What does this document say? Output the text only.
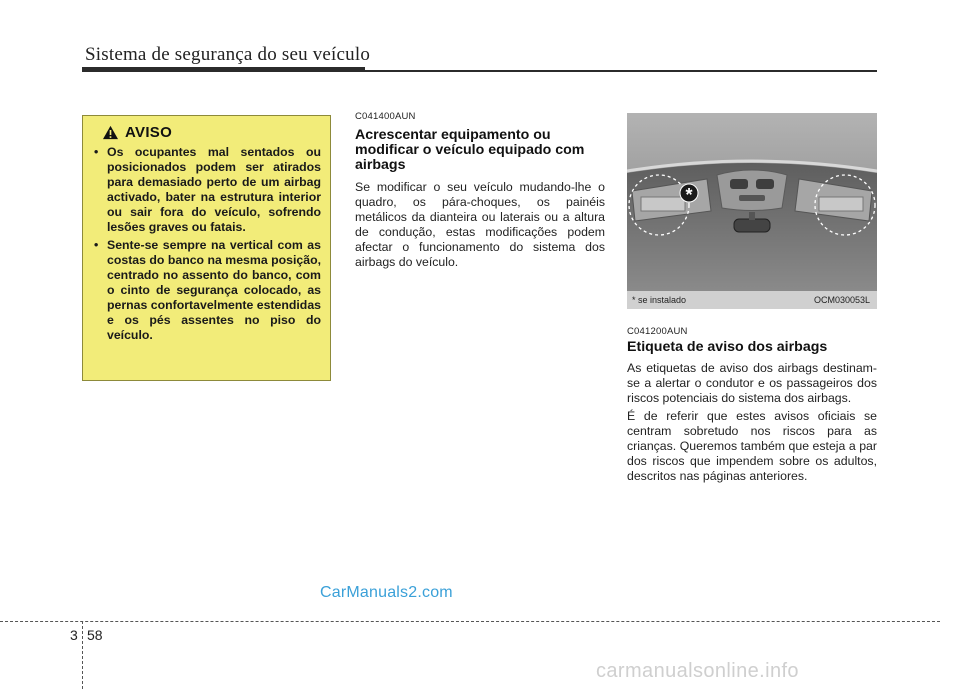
Sistema de segurança do seu veículo
AVISO
• Os ocupantes mal sentados ou posicionados podem ser atirados para demasiado perto de um airbag activado, bater na estrutura interior ou sair fora do veículo, sofrendo lesões graves ou fatais.
• Sente-se sempre na vertical com as costas do banco na mesma posição, centrado no assento do banco, com o cinto de segurança colocado, as pernas confortavelmente estendidas e os pés assentes no piso do veículo.
C041400AUN
Acrescentar equipamento ou modificar o veículo equipado com airbags

Se modificar o seu veículo mudando-lhe o quadro, os pára-choques, os painéis metálicos da dianteira ou laterais ou a altura de condução, estas modificações podem afectar o funcionamento do sistema dos airbags do veículo.

*
* se instalado	OCM030053L
C041200AUN
Etiqueta de aviso dos airbags

As etiquetas de aviso dos airbags destinam-se a alertar o condutor e os passageiros dos riscos potenciais do sistema dos airbags.

É de referir que estes avisos oficiais se centram sobretudo nos riscos para as crianças. Queremos também que esteja a par dos riscos que impendem sobre os adultos, descritos nas páginas anteriores.

CarManuals2.com
3 58
carmanualsonline.info
